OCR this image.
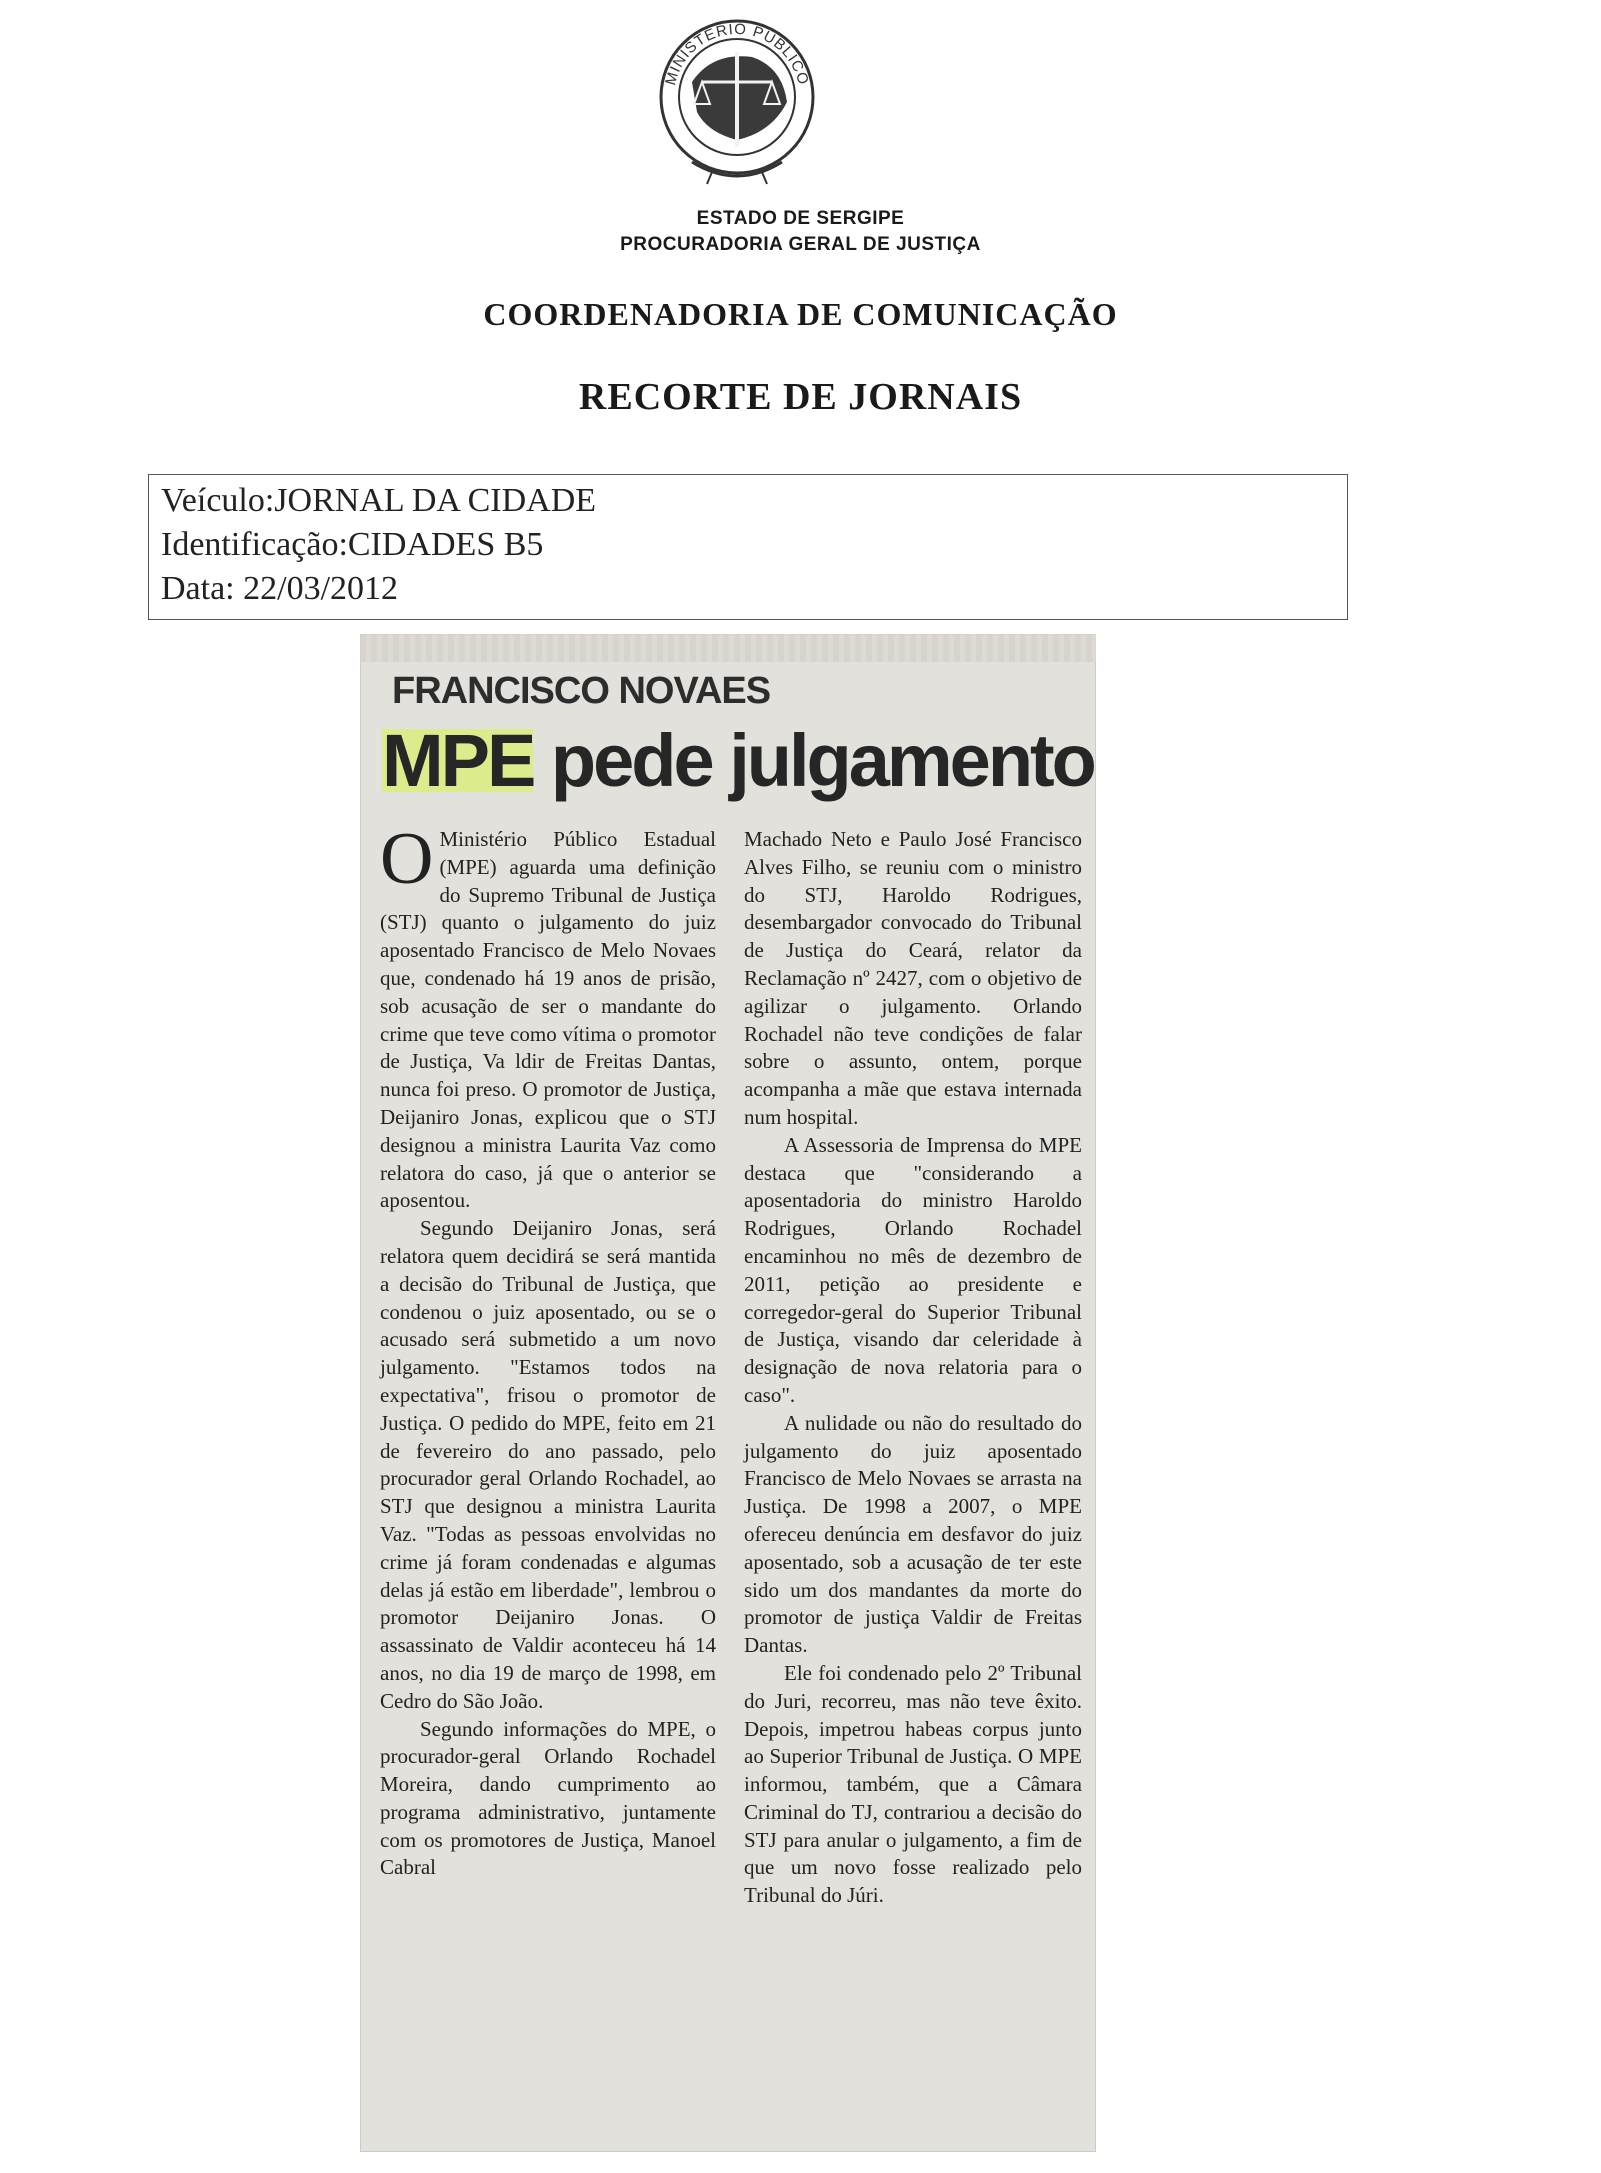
MINISTÉRIO PÚBLICO
ESTADO DE SERGIPE
PROCURADORIA GERAL DE JUSTIÇA
COORDENADORIA DE COMUNICAÇÃO
RECORTE DE JORNAIS
Veículo:JORNAL DA CIDADE
Identificação:CIDADES B5
Data: 22/03/2012
FRANCISCO NOVAES
MPE pede julgamento

O Ministério Público Estadual (MPE) aguarda uma definição do Supremo Tribunal de Justiça (STJ) quanto o julgamento do juiz aposentado Francisco de Melo Novaes que, condenado há 19 anos de prisão, sob acusação de ser o mandante do crime que teve como vítima o promotor de Justiça, Va ldir de Freitas Dantas, nunca foi preso. O promotor de Justiça, Deijaniro Jonas, explicou que o STJ designou a ministra Laurita Vaz como relatora do caso, já que o anterior se aposentou.

Segundo Deijaniro Jonas, será relatora quem decidirá se será mantida a decisão do Tribunal de Justiça, que condenou o juiz aposentado, ou se o acusado será submetido a um novo julgamento. "Estamos todos na expectativa", frisou o promotor de Justiça. O pedido do MPE, feito em 21 de fevereiro do ano passado, pelo procurador geral Orlando Rochadel, ao STJ que designou a ministra Laurita Vaz. "Todas as pessoas envolvidas no crime já foram condenadas e algumas delas já estão em liberdade", lembrou o promotor Deijaniro Jonas. O assassinato de Valdir aconteceu há 14 anos, no dia 19 de março de 1998, em Cedro do São João.

Segundo informações do MPE, o procurador-geral Orlando Rochadel Moreira, dando cumprimento ao programa administrativo, juntamente com os promotores de Justiça, Manoel Cabral

Machado Neto e Paulo José Francisco Alves Filho, se reuniu com o ministro do STJ, Haroldo Rodrigues, desembargador convocado do Tribunal de Justiça do Ceará, relator da Reclamação nº 2427, com o objetivo de agilizar o julgamento. Orlando Rochadel não teve condições de falar sobre o assunto, ontem, porque acompanha a mãe que estava internada num hospital.

A Assessoria de Imprensa do MPE destaca que "considerando a aposentadoria do ministro Haroldo Rodrigues, Orlando Rochadel encaminhou no mês de dezembro de 2011, petição ao presidente e corregedor-geral do Superior Tribunal de Justiça, visando dar celeridade à designação de nova relatoria para o caso".

A nulidade ou não do resultado do julgamento do juiz aposentado Francisco de Melo Novaes se arrasta na Justiça. De 1998 a 2007, o MPE ofereceu denúncia em desfavor do juiz aposentado, sob a acusação de ter este sido um dos mandantes da morte do promotor de justiça Valdir de Freitas Dantas.

Ele foi condenado pelo 2º Tribunal do Juri, recorreu, mas não teve êxito. Depois, impetrou habeas corpus junto ao Superior Tribunal de Justiça. O MPE informou, também, que a Câmara Criminal do TJ, contrariou a decisão do STJ para anular o julgamento, a fim de que um novo fosse realizado pelo Tribunal do Júri.
